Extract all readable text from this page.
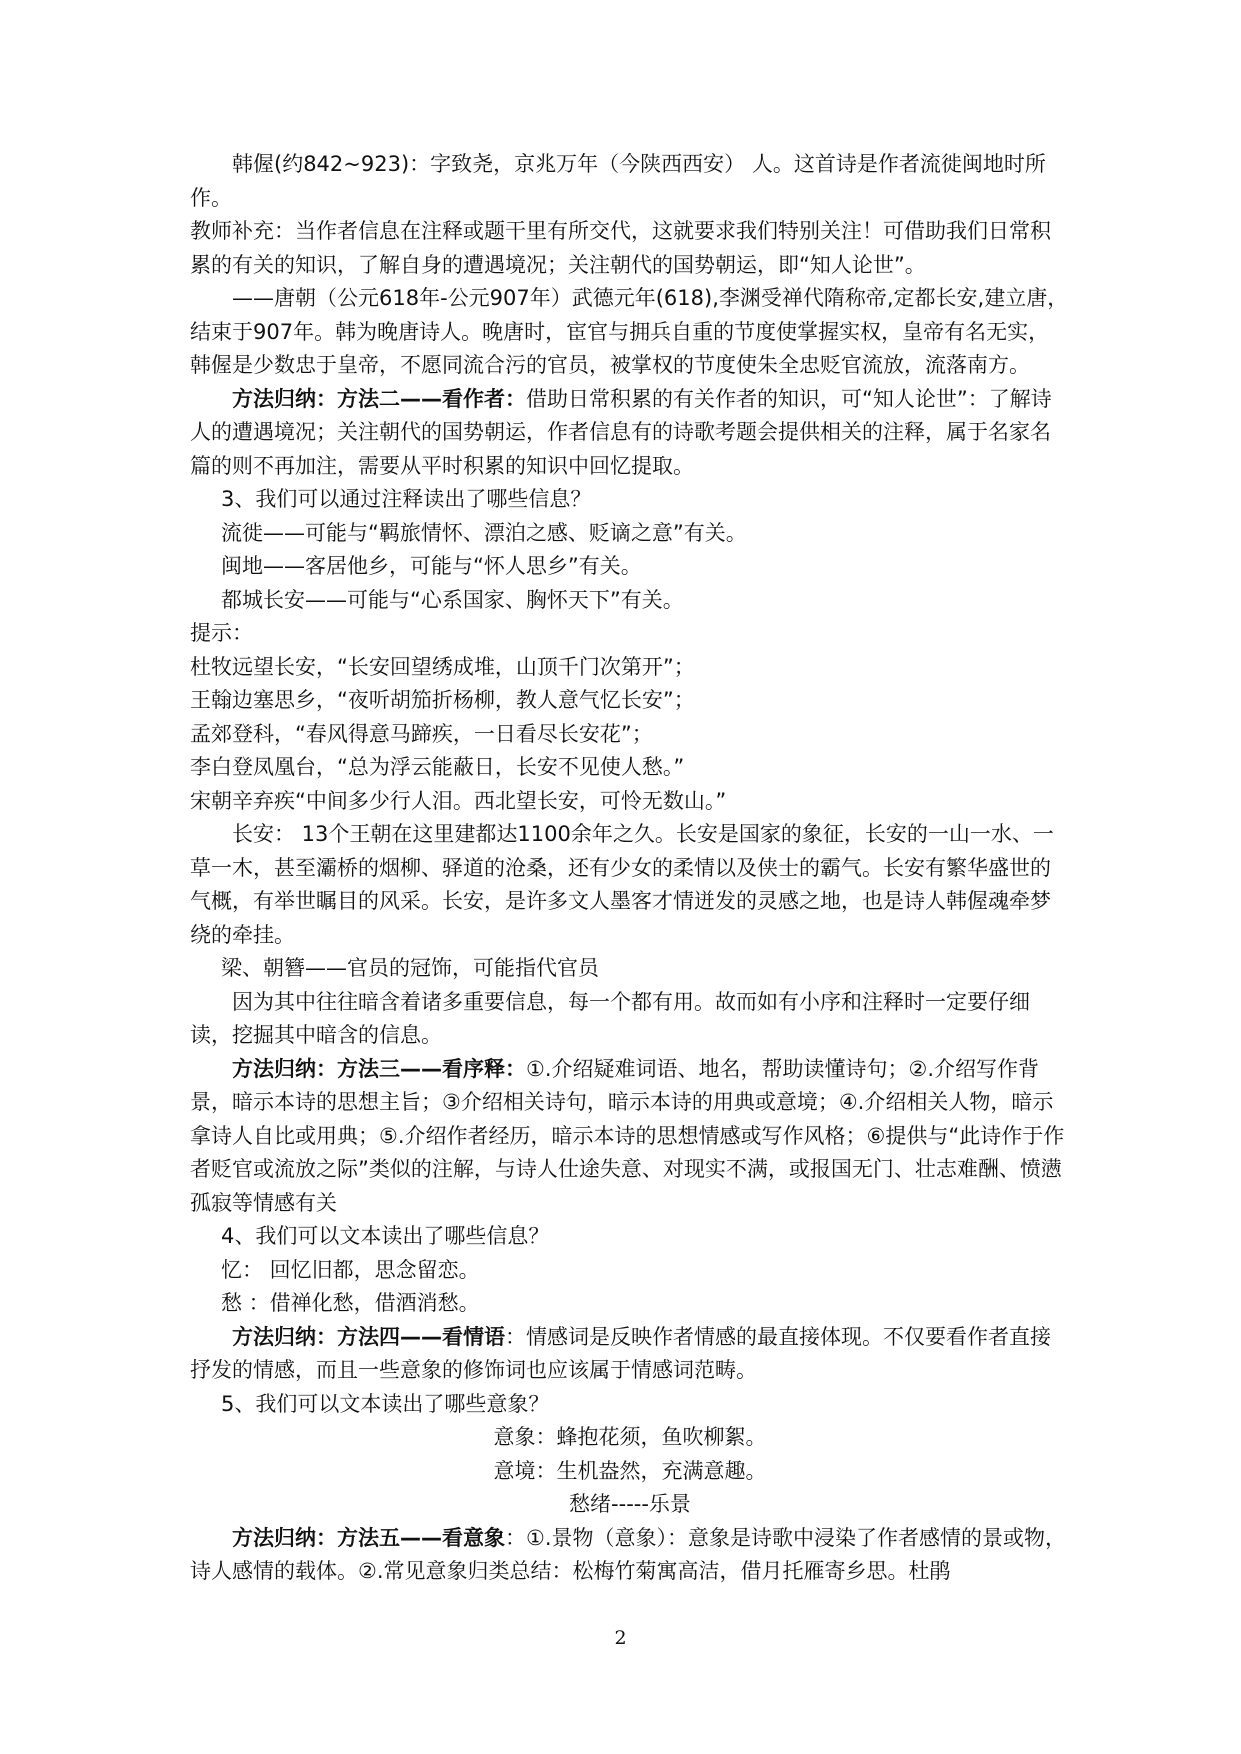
韩偓(约842~923)：字致尧，京兆万年（今陕西西安） 人。这首诗是作者流徙闽地时所作。

教师补充：当作者信息在注释或题干里有所交代，这就要求我们特别关注！可借助我们日常积累的有关的知识，了解自身的遭遇境况；关注朝代的国势朝运，即“知人论世”。

——唐朝（公元618年-公元907年）武德元年(618),李渊受禅代隋称帝,定都长安,建立唐，结束于907年。韩为晚唐诗人。晚唐时，宦官与拥兵自重的节度使掌握实权，皇帝有名无实，韩偓是少数忠于皇帝，不愿同流合污的官员，被掌权的节度使朱全忠贬官流放，流落南方。

方法归纳：方法二——看作者：借助日常积累的有关作者的知识，可“知人论世”：了解诗人的遭遇境况；关注朝代的国势朝运，作者信息有的诗歌考题会提供相关的注释，属于名家名篇的则不再加注，需要从平时积累的知识中回忆提取。

3、我们可以通过注释读出了哪些信息？

流徙——可能与“羁旅情怀、漂泊之感、贬谪之意”有关。

闽地——客居他乡，可能与“怀人思乡”有关。

都城长安——可能与“心系国家、胸怀天下”有关。

提示：

杜牧远望长安，“长安回望绣成堆，山顶千门次第开”；

王翰边塞思乡，“夜听胡笳折杨柳，教人意气忆长安”；

孟郊登科，“春风得意马蹄疾，一日看尽长安花”；

李白登凤凰台，“总为浮云能蔽日，长安不见使人愁。”

宋朝辛弃疾“中间多少行人泪。西北望长安，可怜无数山。”

长安： 13个王朝在这里建都达1100余年之久。长安是国家的象征，长安的一山一水、一草一木，甚至灞桥的烟柳、驿道的沧桑，还有少女的柔情以及侠士的霸气。长安有繁华盛世的气概，有举世瞩目的风采。长安，是许多文人墨客才情迸发的灵感之地，也是诗人韩偓魂牵梦绕的牵挂。

梁、朝簪——官员的冠饰，可能指代官员

因为其中往往暗含着诸多重要信息，每一个都有用。故而如有小序和注释时一定要仔细读，挖掘其中暗含的信息。

方法归纳：方法三——看序释：①.介绍疑难词语、地名，帮助读懂诗句；②.介绍写作背景，暗示本诗的思想主旨；③介绍相关诗句，暗示本诗的用典或意境；④.介绍相关人物，暗示拿诗人自比或用典；⑤.介绍作者经历，暗示本诗的思想情感或写作风格；⑥提供与“此诗作于作者贬官或流放之际”类似的注解，与诗人仕途失意、对现实不满，或报国无门、壮志难酬、愤懑孤寂等情感有关

4、我们可以文本读出了哪些信息？

忆： 回忆旧都，思念留恋。

愁 ：借禅化愁，借酒消愁。

方法归纳：方法四——看情语：情感词是反映作者情感的最直接体现。不仅要看作者直接抒发的情感，而且一些意象的修饰词也应该属于情感词范畴。

5、我们可以文本读出了哪些意象？

意象：蜂抱花须，鱼吹柳絮。

意境：生机盎然，充满意趣。

愁绪-----乐景

方法归纳：方法五——看意象：①.景物（意象）：意象是诗歌中浸染了作者感情的景或物，诗人感情的载体。②.常见意象归类总结：松梅竹菊寓高洁，借月托雁寄乡思。杜鹃

2
